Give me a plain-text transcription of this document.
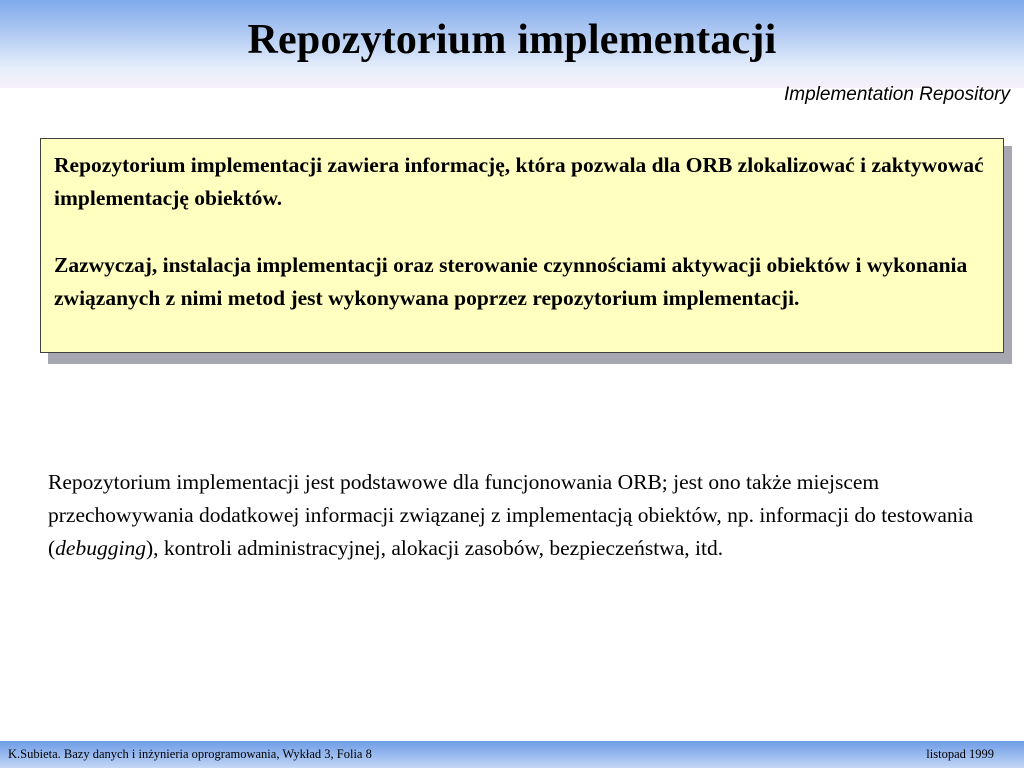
Repozytorium implementacji
Implementation Repository

Repozytorium implementacji zawiera informację, która pozwala dla ORB zlokalizować i zaktywować implementację obiektów.

Zazwyczaj, instalacja implementacji oraz sterowanie czynnościami aktywacji obiektów i wykonania związanych z nimi metod jest wykonywana poprzez repozytorium implementacji.

Repozytorium implementacji jest podstawowe dla funcjonowania ORB; jest ono także miejscem przechowywania dodatkowej informacji związanej z implementacją obiektów, np. informacji do testowania (debugging), kontroli administracyjnej, alokacji zasobów, bezpieczeństwa, itd.
K.Subieta. Bazy danych i inżynieria oprogramowania, Wykład 3, Folia 8	listopad 1999
